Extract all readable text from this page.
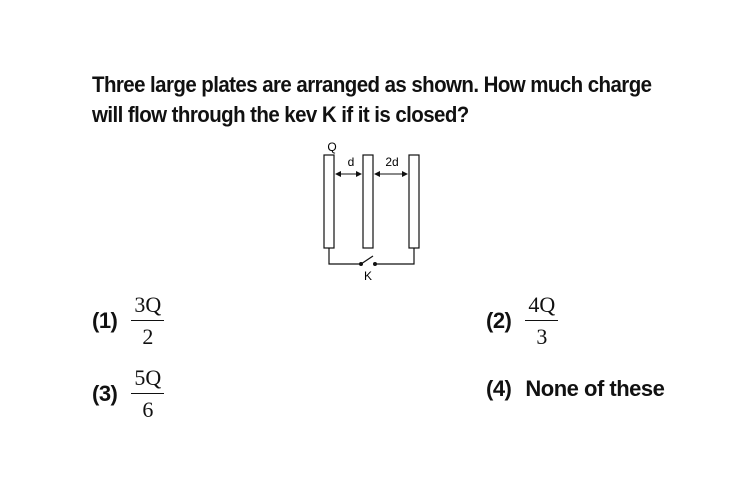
Three large plates are arranged as shown. How much charge
will flow through the kev K if it is closed?
Q
d	2d
K
$(1) \frac{3Q}{2}$	$(2) \frac{4Q}{3}$
$(3) \frac{5Q}{6}$	(4) None of these
